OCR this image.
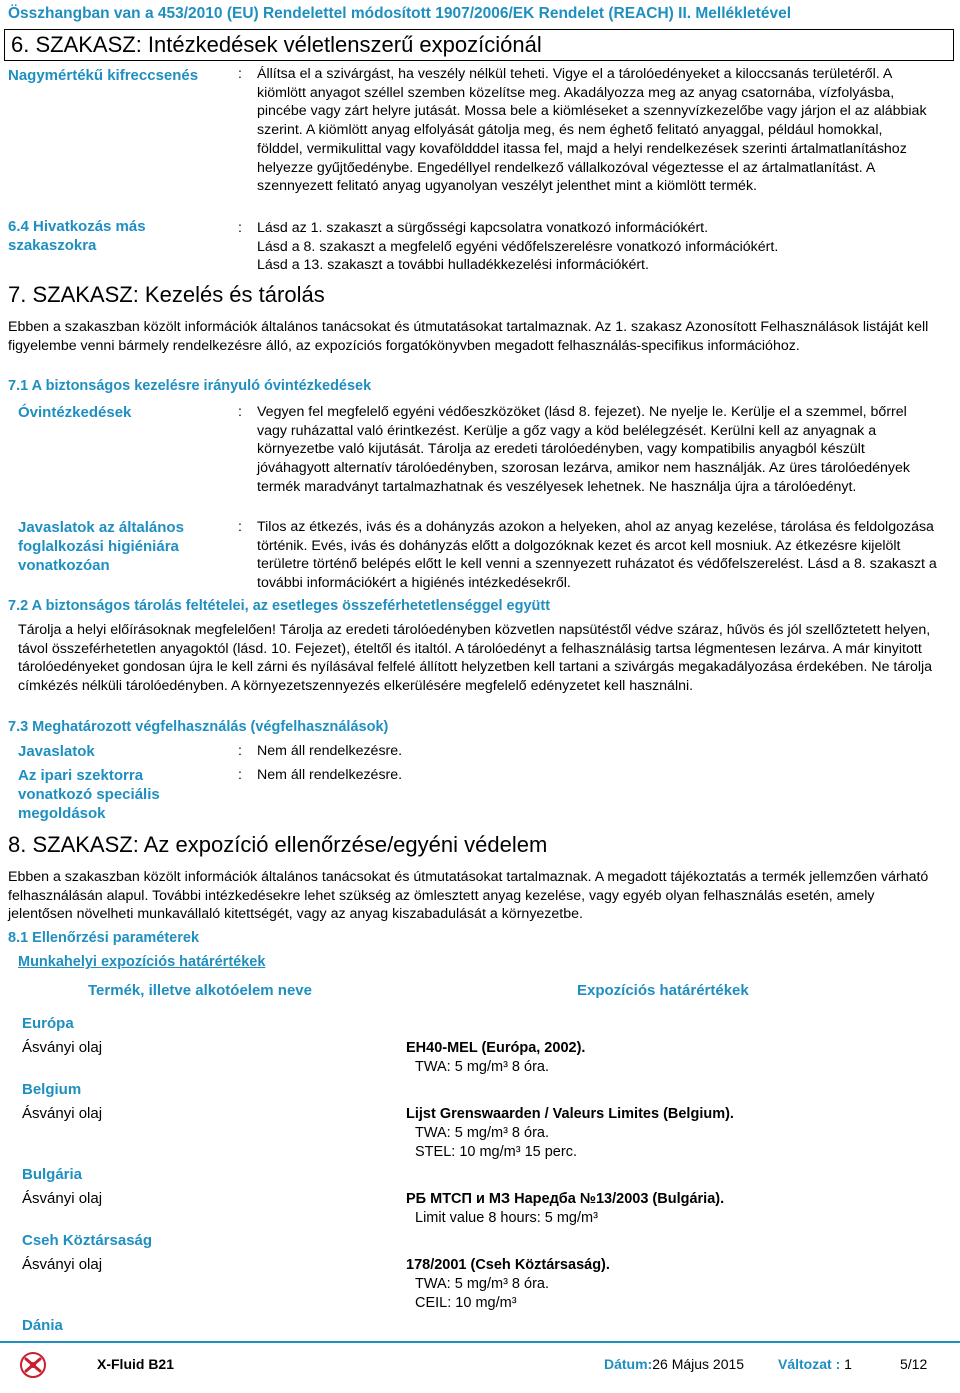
Összhangban van a 453/2010 (EU) Rendelettel módosított 1907/2006/EK Rendelet (REACH) II. Mellékletével
6. SZAKASZ: Intézkedések véletlenszerű expozíciónál
Nagymértékű kifreccsenés	: Állítsa el a szivárgást, ha veszély nélkül teheti. Vigye el a tárolóedényeket a kiloccsanás területéről. A kiömlött anyagot széllel szemben közelítse meg. Akadályozza meg az anyag csatornába, vízfolyásba, pincébe vagy zárt helyre jutását. Mossa bele a kiömléseket a szennyvízkezelőbe vagy járjon el az alábbiak szerint. A kiömlött anyag elfolyását gátolja meg, és nem éghető felitató anyaggal, például homokkal, földdel, vermikulittal vagy kovaföldddel itassa fel, majd a helyi rendelkezések szerinti ártalmatlanításhoz helyezze gyűjtőedénybe. Engedéllyel rendelkező vállalkozóval végeztesse el az ártalmatlanítást. A szennyezett felitató anyag ugyanolyan veszélyt jelenthet mint a kiömlött termék.
6.4 Hivatkozás más szakaszokra
: Lásd az 1. szakaszt a sürgősségi kapcsolatra vonatkozó információkért.
Lásd a 8. szakaszt a megfelelő egyéni védőfelszerelésre vonatkozó információkért.
Lásd a 13. szakaszt a további hulladékkezelési információkért.
7. SZAKASZ: Kezelés és tárolás
Ebben a szakaszban közölt információk általános tanácsokat és útmutatásokat tartalmaznak. Az 1. szakasz Azonosított Felhasználások listáját kell figyelembe venni bármely rendelkezésre álló, az expozíciós forgatókönyvben megadott felhasználás-specifikus információhoz.
7.1 A biztonságos kezelésre irányuló óvintézkedések
Óvintézkedések	: Vegyen fel megfelelő egyéni védőeszközöket (lásd 8. fejezet). Ne nyelje le. Kerülje el a szemmel, bőrrel vagy ruházattal való érintkezést. Kerülje a gőz vagy a köd belélegzését. Kerülni kell az anyagnak a környezetbe való kijutását. Tárolja az eredeti tárolóedényben, vagy kompatibilis anyagból készült jóváhagyott alternatív tárolóedényben, szorosan lezárva, amikor nem használják. Az üres tárolóedények termék maradványt tartalmazhatnak és veszélyesek lehetnek. Ne használja újra a tárolóedényt.
Javaslatok az általános foglalkozási higiéniára vonatkozóan
: Tilos az étkezés, ivás és a dohányzás azokon a helyeken, ahol az anyag kezelése, tárolása és feldolgozása történik. Evés, ivás és dohányzás előtt a dolgozóknak kezet és arcot kell mosniuk. Az étkezésre kijelölt területre történő belépés előtt le kell venni a szennyezett ruházatot és védőfelszerelést. Lásd a 8. szakaszt a további információkért a higiénés intézkedésekről.
7.2 A biztonságos tárolás feltételei, az esetleges összeférhetetlenséggel együtt
Tárolja a helyi előírásoknak megfelelően! Tárolja az eredeti tárolóedényben közvetlen napsütéstől védve száraz, hűvös és jól szellőztetett helyen, távol összeférhetetlen anyagoktól (lásd. 10. Fejezet), ételtől és italtól. A tárolóedényt a felhasználásig tartsa légmentesen lezárva. A már kinyitott tárolóedényeket gondosan újra le kell zárni és nyílásával felfelé állított helyzetben kell tartani a szivárgás megakadályozása érdekében. Ne tárolja címkézés nélküli tárolóedényben. A környezetszennyezés elkerülésére megfelelő edényzetet kell használni.
7.3 Meghatározott végfelhasználás (végfelhasználások)
Javaslatok	: Nem áll rendelkezésre.
Az ipari szektorra vonatkozó speciális megoldások
: Nem áll rendelkezésre.
8. SZAKASZ: Az expozíció ellenőrzése/egyéni védelem
Ebben a szakaszban közölt információk általános tanácsokat és útmutatásokat tartalmaznak. A megadott tájékoztatás a termék jellemzően várható felhasználásán alapul. További intézkedésekre lehet szükség az ömlesztett anyag kezelése, vagy egyéb olyan felhasználás esetén, amely jelentősen növelheti munkavállaló kitettségét, vagy az anyag kiszabadulását a környezetbe.
8.1 Ellenőrzési paraméterek
Munkahelyi expozíciós határértékek
Termék, illetve alkotóelem neve	Expozíciós határértékek
Európa
Ásványi olaj	EH40-MEL (Európa, 2002).
TWA: 5 mg/m³ 8 óra.
Belgium
Ásványi olaj	Lijst Grenswaarden / Valeurs Limites (Belgium).
TWA: 5 mg/m³ 8 óra.
STEL: 10 mg/m³ 15 perc.
Bulgária
Ásványi olaj	РБ МТСП и МЗ Наредба №13/2003 (Bulgária).
Limit value 8 hours: 5 mg/m³
Cseh Köztársaság
Ásványi olaj	178/2001 (Cseh Köztársaság).
TWA: 5 mg/m³ 8 óra.
CEIL: 10 mg/m³
Dánia
X-Fluid B21	Dátum:26 Május 2015 Változat : 1	5/12
